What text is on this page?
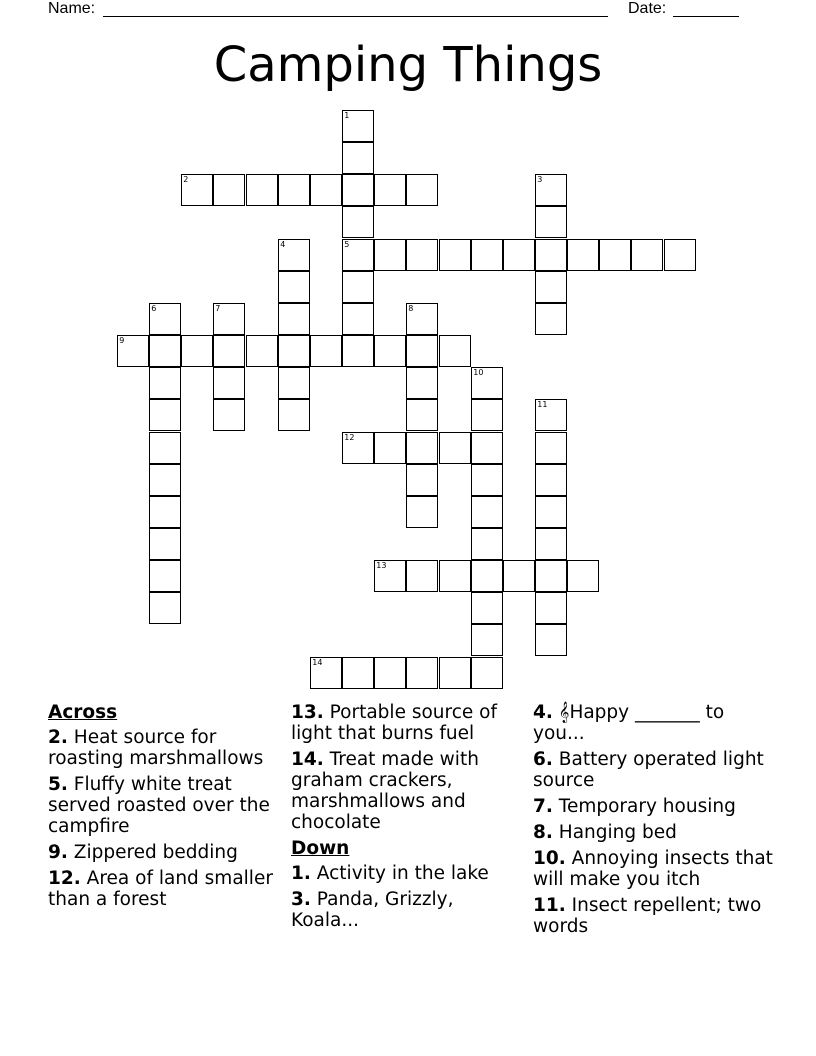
Name:	Date:
Camping Things
1
5
2	3
4
6	7	8
9
10
11
12
13
14
Across
2. Heat source for roasting marshmallows
5. Fluffy white treat served roasted over the campfire
9. Zippered bedding
12. Area of land smaller than a forest
13. Portable source of light that burns fuel
14. Treat made with graham crackers, marshmallows and chocolate
Down
1. Activity in the lake
3. Panda, Grizzly, Koala...
4. 𝄞Happy _______ to you...
6. Battery operated light source
7. Temporary housing
8. Hanging bed
10. Annoying insects that will make you itch
11. Insect repellent; two words
